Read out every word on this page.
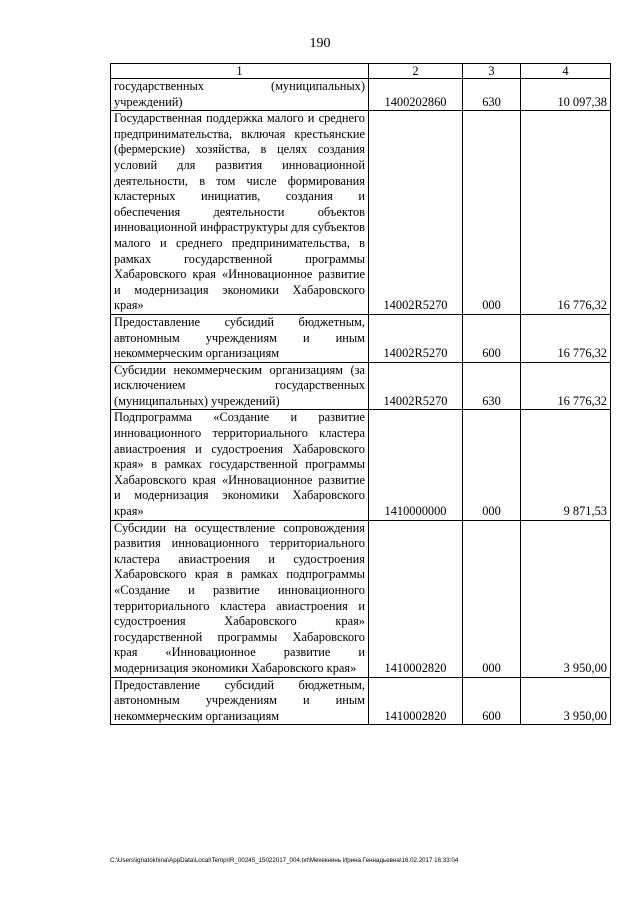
190
1	2	3	4
государственных (муниципальных) учреждений)	1400202860	630	10 097,38
Государственная поддержка малого и среднего предпринимательства, включая крестьянские (фермерские) хозяйства, в целях создания условий для развития инновационной деятельности, в том числе формирования кластерных инициатив, создания и обеспечения деятельности объектов инновационной инфраструктуры для субъектов малого и среднего предпринимательства, в рамках государственной программы Хабаровского края «Инновационное развитие и модернизация экономики Хабаровского края»	14002R5270	000	16 776,32
Предоставление субсидий бюджетным, автономным учреждениям и иным некоммерческим организациям	14002R5270	600	16 776,32
Субсидии некоммерческим организациям (за исключением государственных (муниципальных) учреждений)	14002R5270	630	16 776,32
Подпрограмма «Создание и развитие инновационного территориального кластера авиастроения и судостроения Хабаровского края» в рамках государственной программы Хабаровского края «Инновационное развитие и модернизация экономики Хабаровского края»	1410000000	000	9 871,53
Субсидии на осуществление сопровождения развития инновационного территориального кластера авиастроения и судостроения Хабаровского края в рамках подпрограммы «Создание и развитие инновационного территориального кластера авиастроения и судостроения Хабаровского края» государственной программы Хабаровского края «Инновационное развитие и модернизация экономики Хабаровского края»	1410002820	000	3 950,00
Предоставление субсидий бюджетным, автономным учреждениям и иным некоммерческим организациям	1410002820	600	3 950,00
C:\Users\ignatokhina\AppData\Local\Temp\IR_00245_15022017_004.txt\Мехекнинь Ирина Геннадьевна\16.02.2017 16:33:04
